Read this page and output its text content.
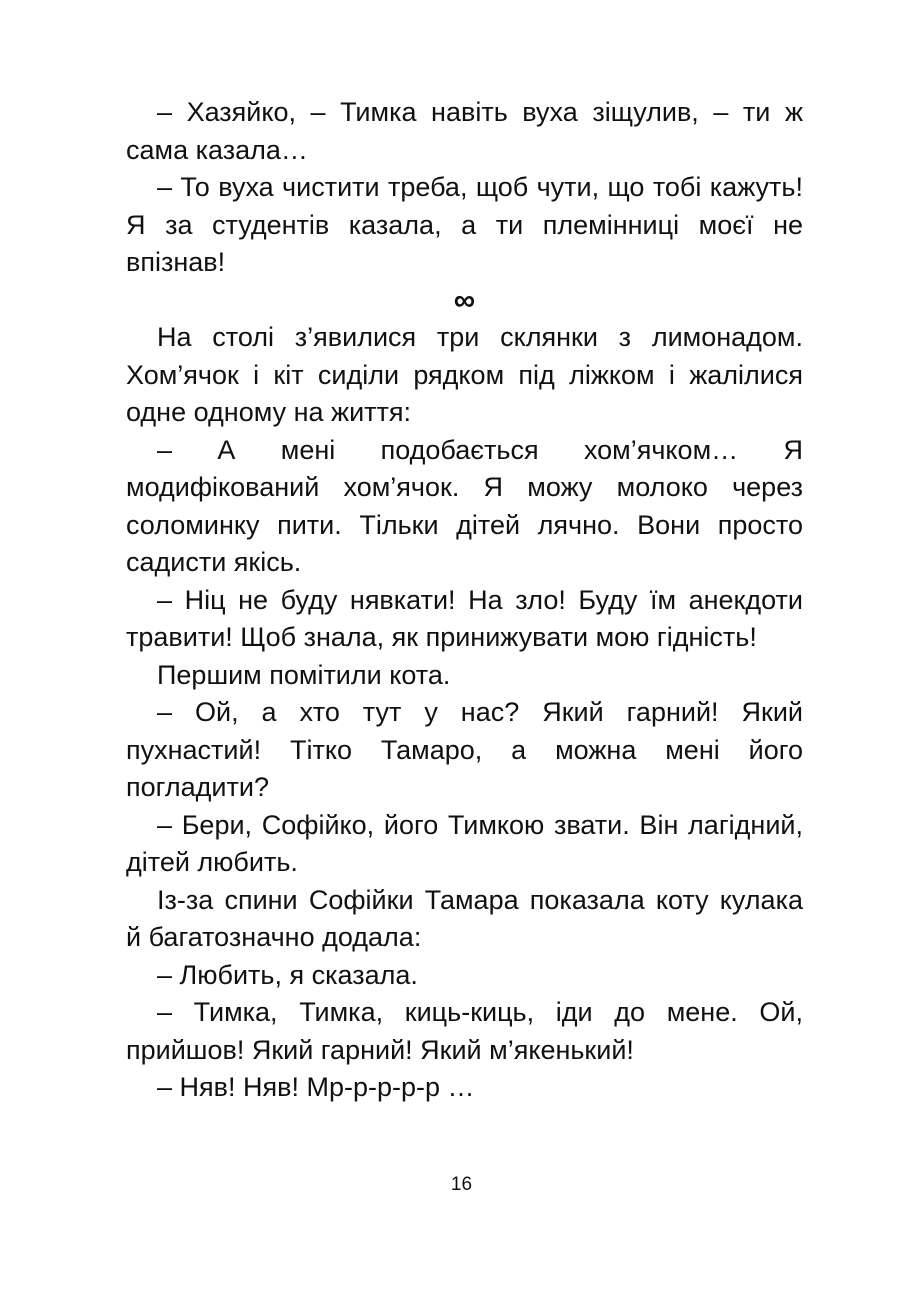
– Хазяйко, – Тимка навіть вуха зіщулив, – ти ж сама казала…

– То вуха чистити треба, щоб чути, що тобі кажуть! Я за студентів казала, а ти племінниці моєї не впізнав!

∞

На столі з’явилися три склянки з лимонадом. Хом’ячок і кіт сиділи рядком під ліжком і жалілися одне одному на життя:

– А мені подобається хом’ячком… Я модифікований хом’ячок. Я можу молоко через соломинку пити. Тільки дітей лячно. Вони просто садисти якісь.

– Ніц не буду нявкати! На зло! Буду їм анекдоти травити! Щоб знала, як принижувати мою гідність!

Першим помітили кота.

– Ой, а хто тут у нас? Який гарний! Який пухнастий! Тітко Тамаро, а можна мені його погладити?

– Бери, Софійко, його Тимкою звати. Він лагідний, дітей любить.

Із-за спини Софійки Тамара показала коту кулака й багатозначно додала:

– Любить, я сказала.

– Тимка, Тимка, киць-киць, іди до мене. Ой, прийшов! Який гарний! Який м’якенький!

– Няв! Няв! Мр-р-р-р-р …

16
